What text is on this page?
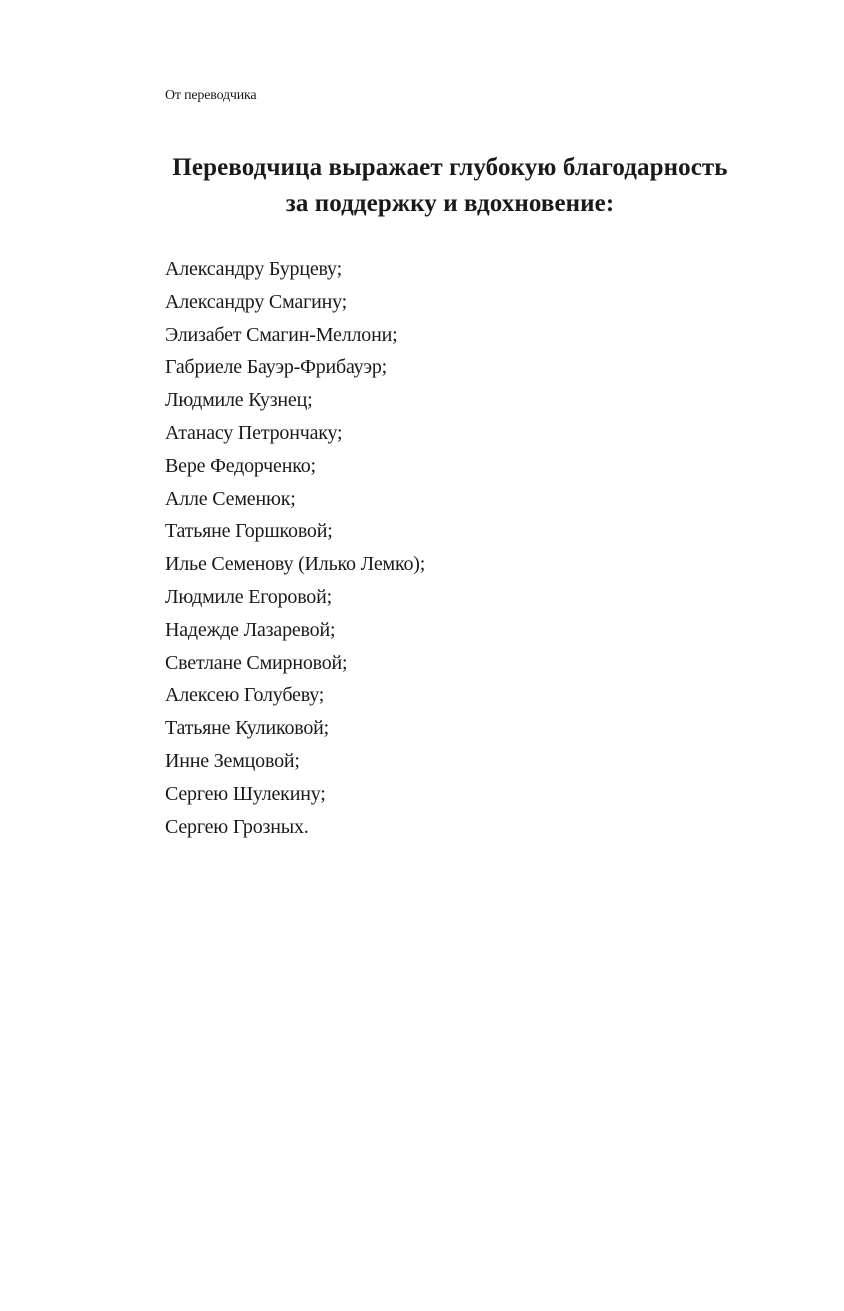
От переводчика
Переводчица выражает глубокую благодарность
за поддержку и вдохновение:
Александру Бурцеву;
Александру Смагину;
Элизабет Смагин-Меллони;
Габриеле Бауэр-Фрибауэр;
Людмиле Кузнец;
Атанасу Петрончаку;
Вере Федорченко;
Алле Семенюк;
Татьяне Горшковой;
Илье Семенову (Илько Лемко);
Людмиле Егоровой;
Надежде Лазаревой;
Светлане Смирновой;
Алексею Голубеву;
Татьяне Куликовой;
Инне Земцовой;
Сергею Шулекину;
Сергею Грозных.
